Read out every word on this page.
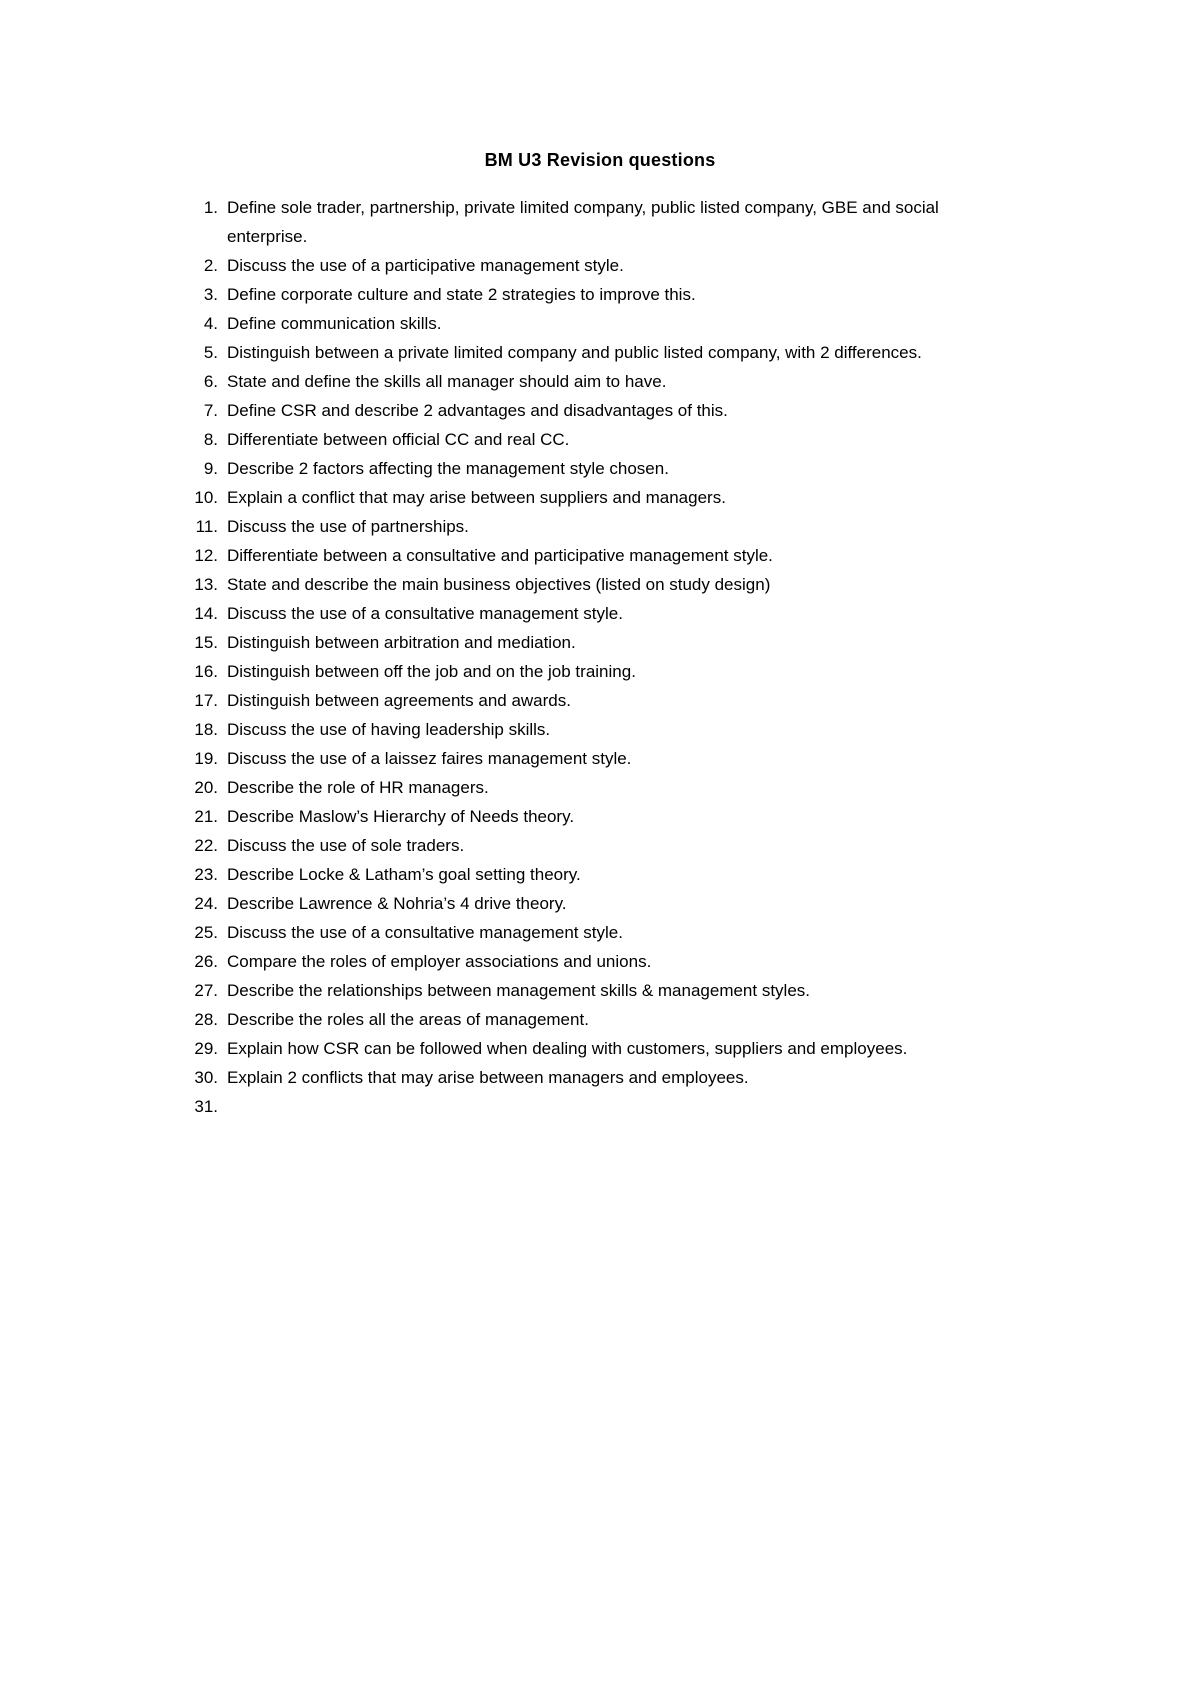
BM U3 Revision questions
1. Define sole trader, partnership, private limited company, public listed company, GBE and social enterprise.
2. Discuss the use of a participative management style.
3. Define corporate culture and state 2 strategies to improve this.
4. Define communication skills.
5. Distinguish between a private limited company and public listed company, with 2 differences.
6. State and define the skills all manager should aim to have.
7. Define CSR and describe 2 advantages and disadvantages of this.
8. Differentiate between official CC and real CC.
9. Describe 2 factors affecting the management style chosen.
10. Explain a conflict that may arise between suppliers and managers.
11. Discuss the use of partnerships.
12. Differentiate between a consultative and participative management style.
13. State and describe the main business objectives (listed on study design)
14. Discuss the use of a consultative management style.
15. Distinguish between arbitration and mediation.
16. Distinguish between off the job and on the job training.
17. Distinguish between agreements and awards.
18. Discuss the use of having leadership skills.
19. Discuss the use of a laissez faires management style.
20. Describe the role of HR managers.
21. Describe Maslow’s Hierarchy of Needs theory.
22. Discuss the use of sole traders.
23. Describe Locke & Latham’s goal setting theory.
24. Describe Lawrence & Nohria’s 4 drive theory.
25. Discuss the use of a consultative management style.
26. Compare the roles of employer associations and unions.
27. Describe the relationships between management skills & management styles.
28. Describe the roles all the areas of management.
29. Explain how CSR can be followed when dealing with customers, suppliers and employees.
30. Explain 2 conflicts that may arise between managers and employees.
31.
